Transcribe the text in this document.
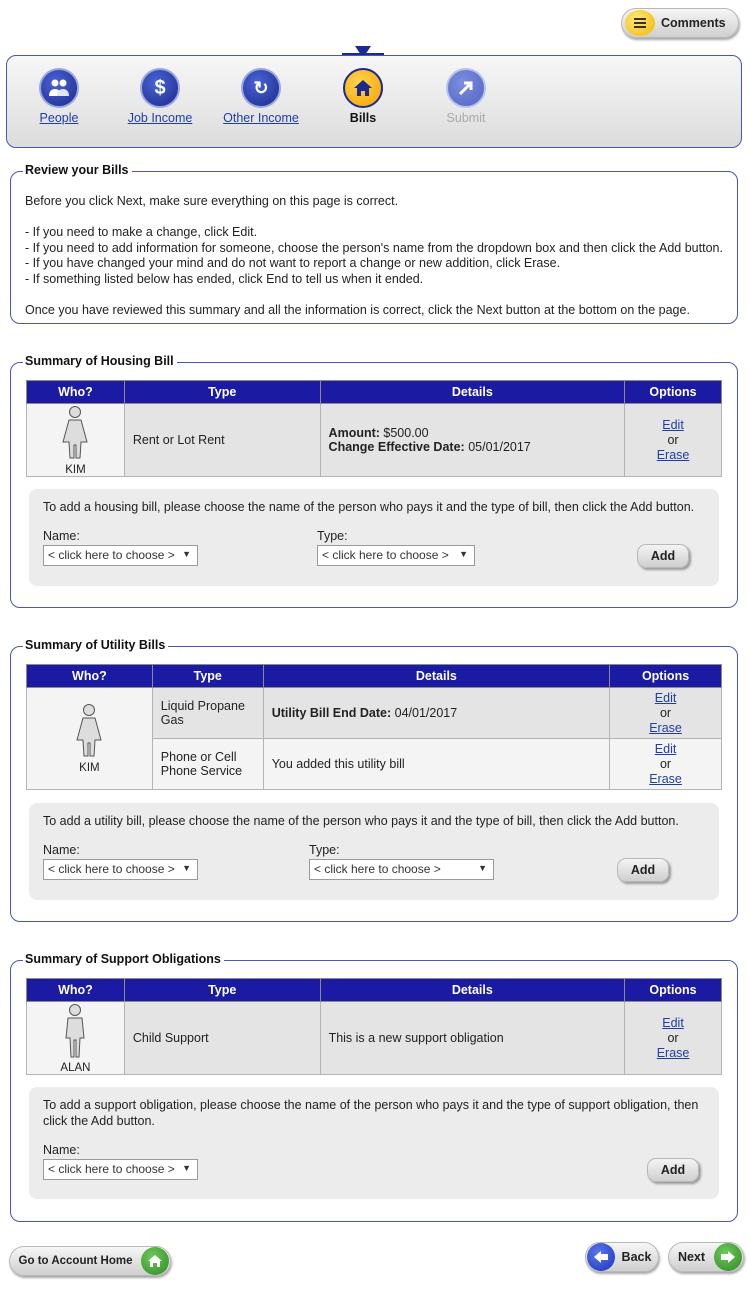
Comments
People
$
Job Income
↻
Other Income	Bills	Submit
Review your Bills

Before you click Next, make sure everything on this page is correct.

- If you need to make a change, click Edit.

- If you need to add information for someone, choose the person's name from the dropdown box and then click the Add button.

- If you have changed your mind and do not want to report a change or new addition, click Erase.

- If something listed below has ended, click End to tell us when it ended.

Once you have reviewed this summary and all the information is correct, click the Next button at the bottom on the page.

Summary of Housing Bill
Who?	Type	Details	Options

KIM	Rent or Lot Rent	Amount: $500.00
Change Effective Date: 05/01/2017	Edit
or
Erase
To add a housing bill, please choose the name of the person who pays it and the type of bill, then click the Add button.
Name:
< click here to choose > ▼
Type:
< click here to choose > ▼	Add
Summary of Utility Bills
Who?	Type	Details	Options

KIM	Liquid Propane Gas	Utility Bill End Date: 04/01/2017	Edit
or
Erase
	Phone or Cell Phone Service	You added this utility bill	Edit
or
Erase
To add a utility bill, please choose the name of the person who pays it and the type of bill, then click the Add button.
Name:
< click here to choose > ▼
Type:
< click here to choose >	▼	Add
Summary of Support Obligations
Who?	Type	Details	Options

ALAN	Child Support	This is a new support obligation	Edit
or
Erase
To add a support obligation, please choose the name of the person who pays it and the type of support obligation, then click the Add button.
Name:
< click here to choose > ▼	Add
Go to Account Home	Back	Next
